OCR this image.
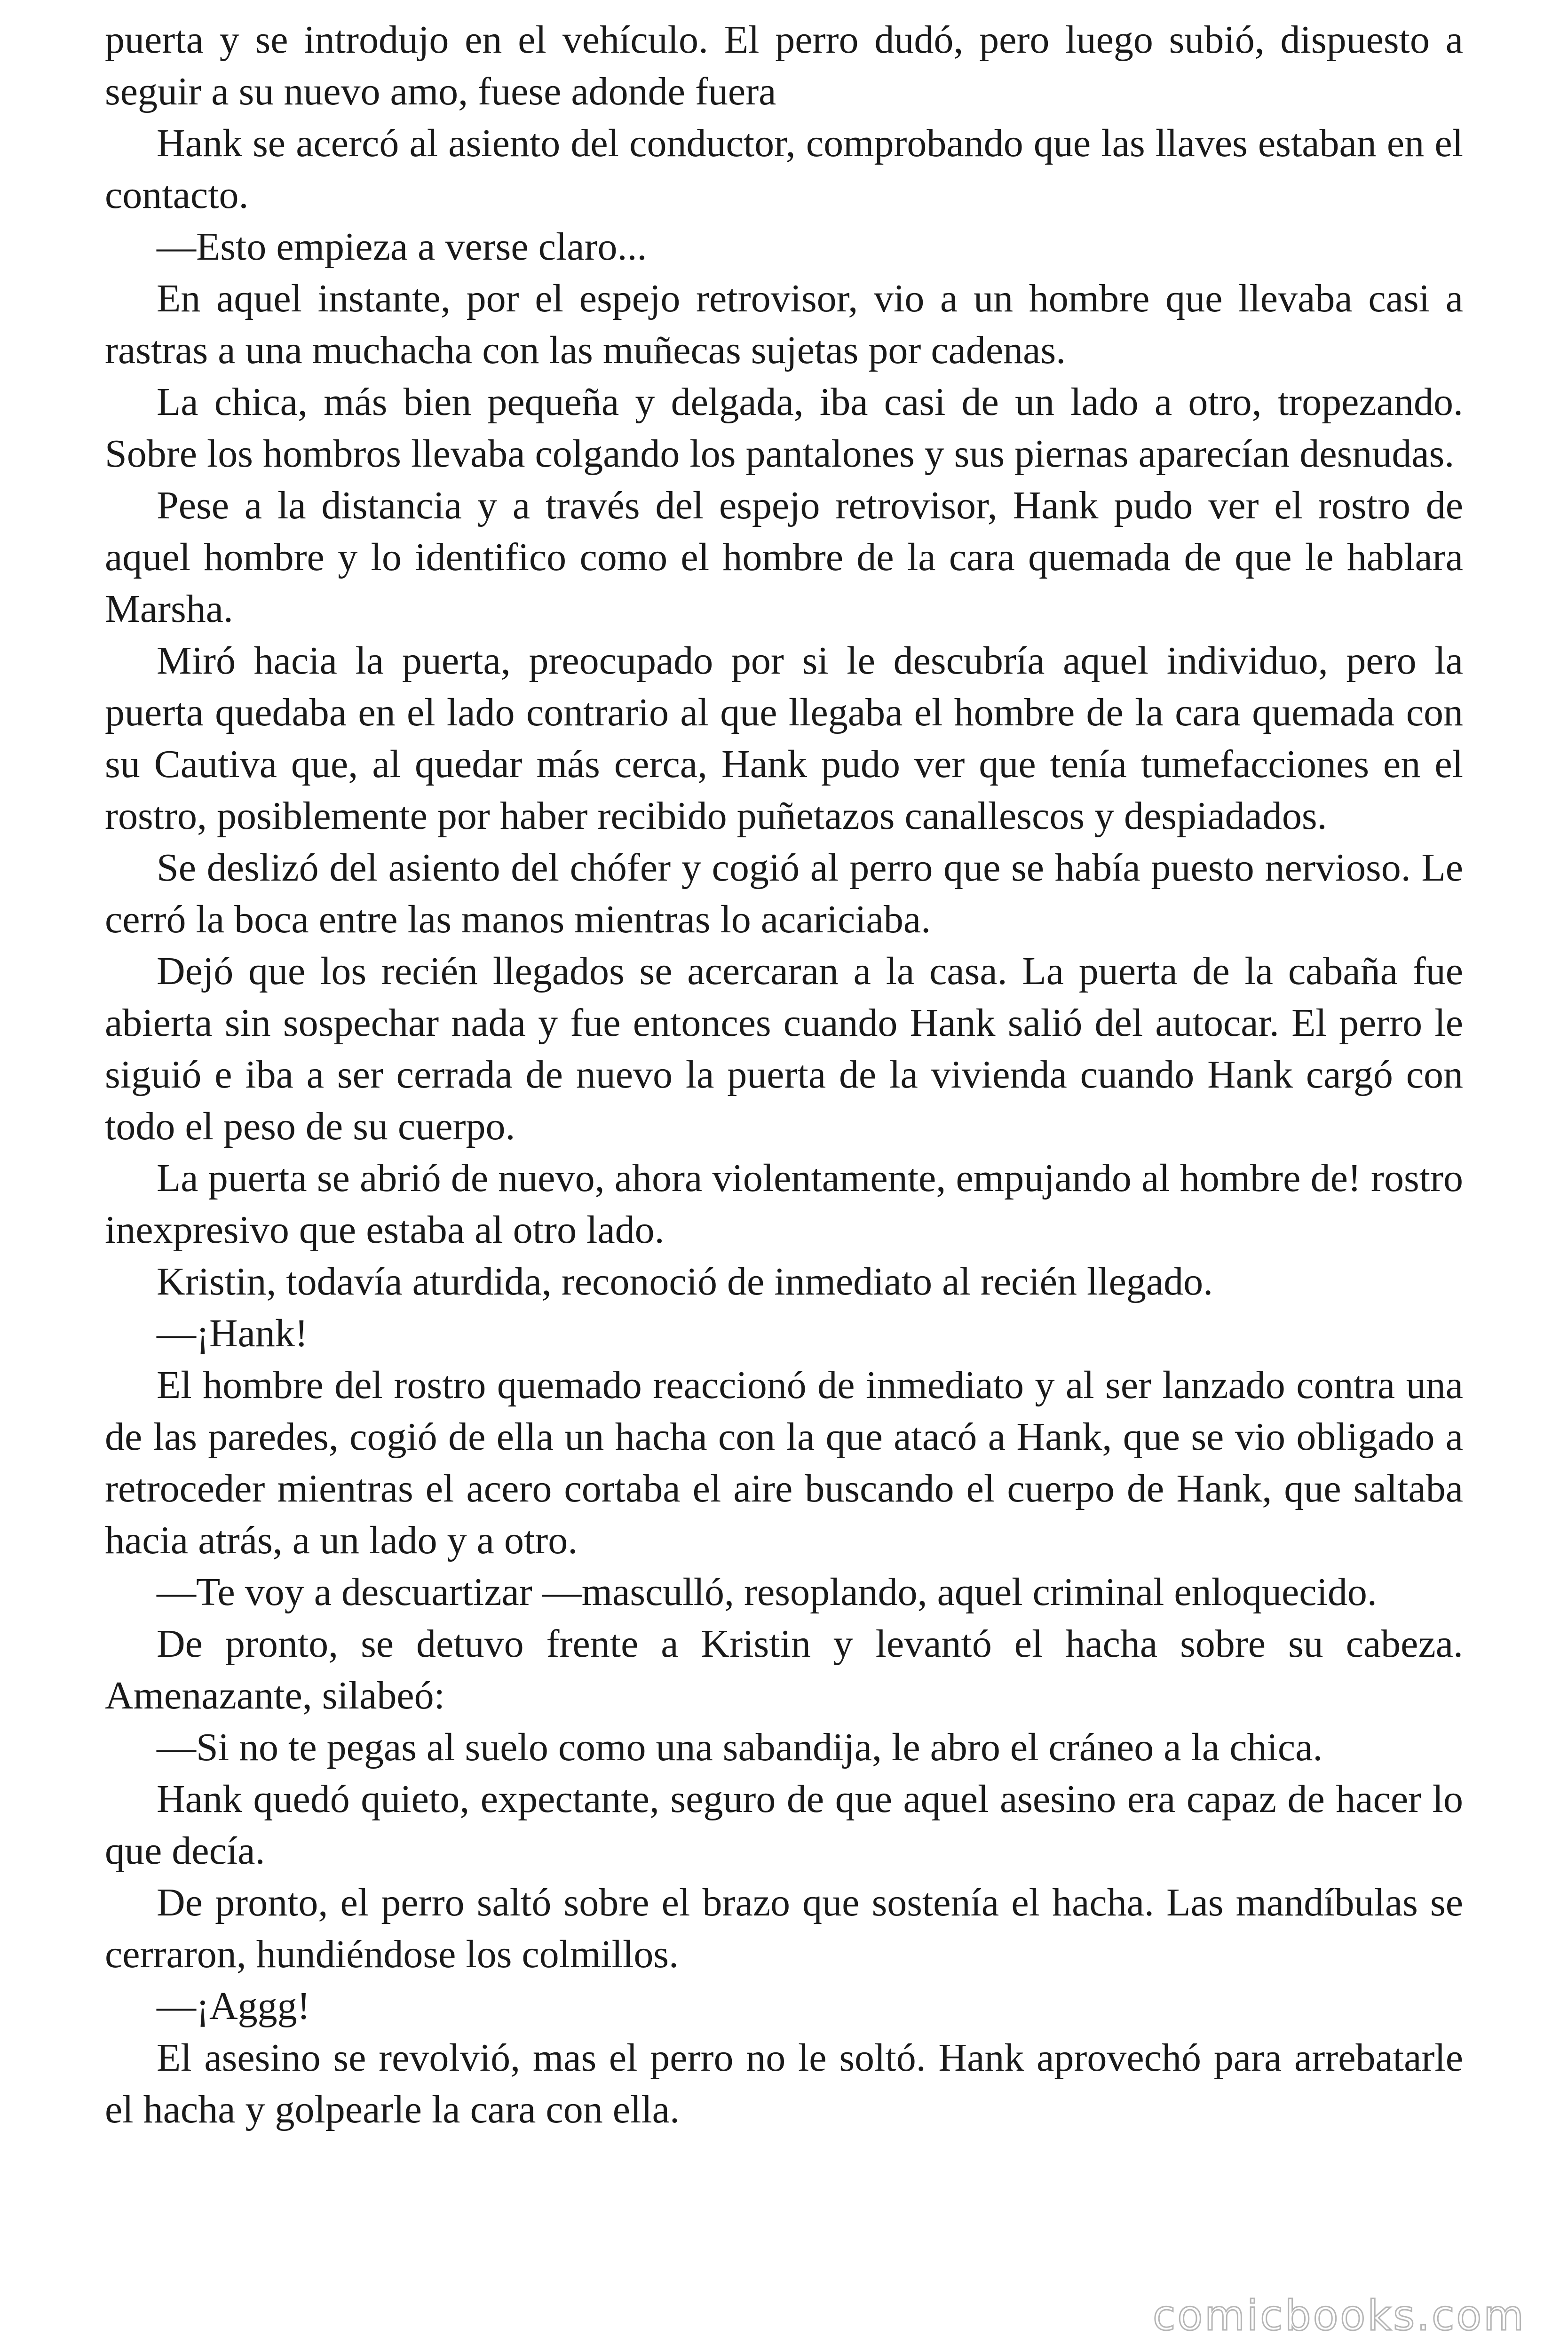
puerta y se introdujo en el vehículo. El perro dudó, pero luego subió, dispuesto a seguir a su nuevo amo, fuese adonde fuera

Hank se acercó al asiento del conductor, comprobando que las llaves estaban en el contacto.

—Esto empieza a verse claro...

En aquel instante, por el espejo retrovisor, vio a un hombre que llevaba casi a rastras a una muchacha con las muñecas sujetas por cadenas.

La chica, más bien pequeña y delgada, iba casi de un lado a otro, tropezando. Sobre los hombros llevaba colgando los pantalones y sus piernas aparecían desnudas.

Pese a la distancia y a través del espejo retrovisor, Hank pudo ver el rostro de aquel hombre y lo identifico como el hombre de la cara quemada de que le hablara Marsha.

Miró hacia la puerta, preocupado por si le descubría aquel individuo, pero la puerta quedaba en el lado contrario al que llegaba el hombre de la cara quemada con su Cautiva que, al quedar más cerca, Hank pudo ver que tenía tumefacciones en el rostro, posiblemente por haber recibido puñetazos canallescos y despiadados.

Se deslizó del asiento del chófer y cogió al perro que se había puesto nervioso. Le cerró la boca entre las manos mientras lo acariciaba.

Dejó que los recién llegados se acercaran a la casa. La puerta de la cabaña fue abierta sin sospechar nada y fue entonces cuando Hank salió del autocar. El perro le siguió e iba a ser cerrada de nuevo la puerta de la vivienda cuando Hank cargó con todo el peso de su cuerpo.

La puerta se abrió de nuevo, ahora violentamente, empujando al hombre de! rostro inexpresivo que estaba al otro lado.

Kristin, todavía aturdida, reconoció de inmediato al recién llegado.

—¡Hank!

El hombre del rostro quemado reaccionó de inmediato y al ser lanzado contra una de las paredes, cogió de ella un hacha con la que atacó a Hank, que se vio obligado a retroceder mientras el acero cortaba el aire buscando el cuerpo de Hank, que saltaba hacia atrás, a un lado y a otro.

—Te voy a descuartizar —masculló, resoplando, aquel criminal enloquecido.

De pronto, se detuvo frente a Kristin y levantó el hacha sobre su cabeza. Amenazante, silabeó:

—Si no te pegas al suelo como una sabandija, le abro el cráneo a la chica.

Hank quedó quieto, expectante, seguro de que aquel asesino era capaz de hacer lo que decía.

De pronto, el perro saltó sobre el brazo que sostenía el hacha. Las mandíbulas se cerraron, hundiéndose los colmillos.

—¡Aggg!

El asesino se revolvió, mas el perro no le soltó. Hank aprovechó para arrebatarle el hacha y golpearle la cara con ella.

comicbooks.com
